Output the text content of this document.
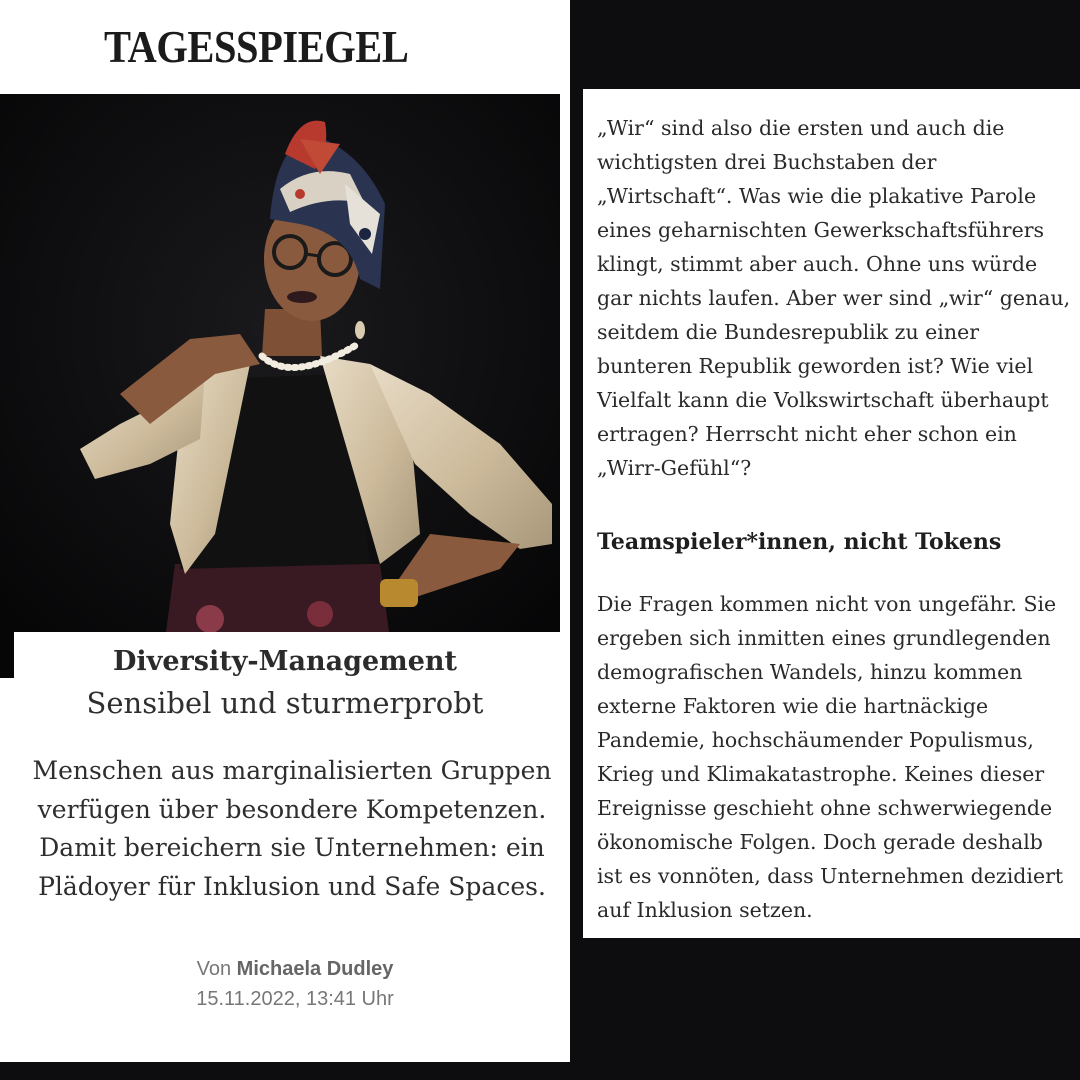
TAGESSPIEGEL
Diversity-Management
Sensibel und sturmerprobt
Menschen aus marginalisierten Gruppen verfügen über besondere Kompetenzen. Damit bereichern sie Unternehmen: ein Plädoyer für Inklusion und Safe Spaces.
Von Michaela Dudley
15.11.2022, 13:41 Uhr
„Wir“ sind also die ersten und auch die wichtigsten drei Buchstaben der „Wirtschaft“. Was wie die plakative Parole eines geharnischten Gewerkschaftsführers klingt, stimmt aber auch. Ohne uns würde gar nichts laufen. Aber wer sind „wir“ genau, seitdem die Bundesrepublik zu einer bunteren Republik geworden ist? Wie viel Vielfalt kann die Volkswirtschaft überhaupt ertragen? Herrscht nicht eher schon ein „Wirr-Gefühl“?
Teamspieler*innen, nicht Tokens
Die Fragen kommen nicht von ungefähr. Sie ergeben sich inmitten eines grundlegenden demografischen Wandels, hinzu kommen externe Faktoren wie die hartnäckige Pandemie, hochschäumender Populismus, Krieg und Klimakatastrophe. Keines dieser Ereignisse geschieht ohne schwerwiegende ökonomische Folgen. Doch gerade deshalb ist es vonnöten, dass Unternehmen dezidiert auf Inklusion setzen.
